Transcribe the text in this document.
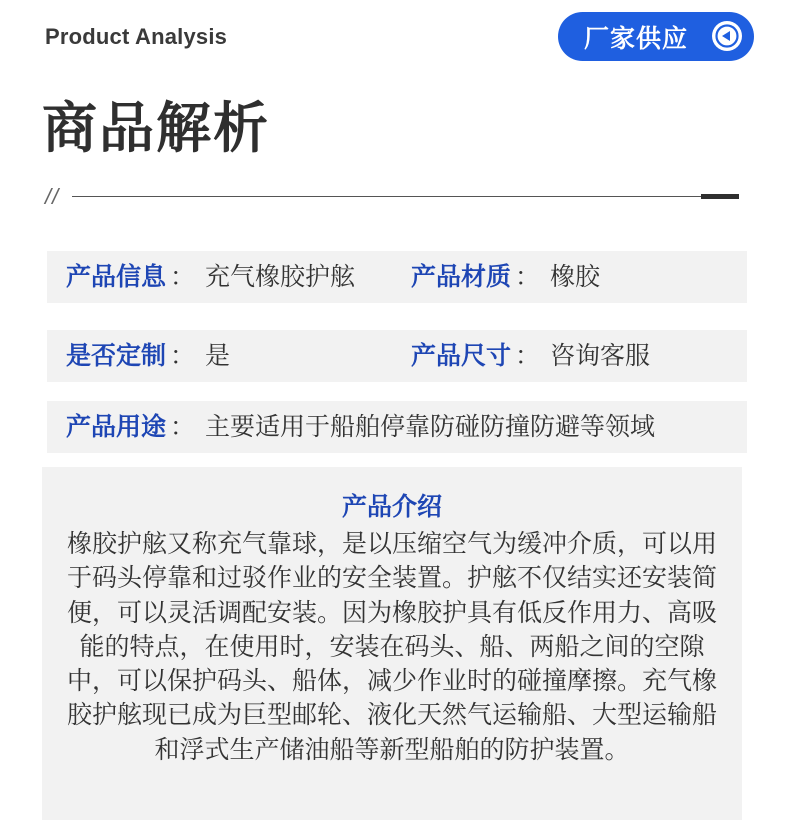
Product Analysis	厂家供应
商品解析
//
产品信息 ： 充气橡胶护舷 产品材质 ： 橡胶
是否定制 ： 是	产品尺寸 ： 咨询客服
产品用途 ： 主要适用于船舶停靠防碰防撞防避等领域
产品介绍

橡胶护舷又称充气靠球，是以压缩空气为缓冲介质，可以用于码头停靠和过驳作业的安全装置。护舷不仅结实还安装简便，可以灵活调配安装。因为橡胶护具有低反作用力、高吸能的特点，在使用时，安装在码头、船、两船之间的空隙中，可以保护码头、船体，减少作业时的碰撞摩擦。充气橡胶护舷现已成为巨型邮轮、液化天然气运输船、大型运输船和浮式生产储油船等新型船舶的防护装置。
